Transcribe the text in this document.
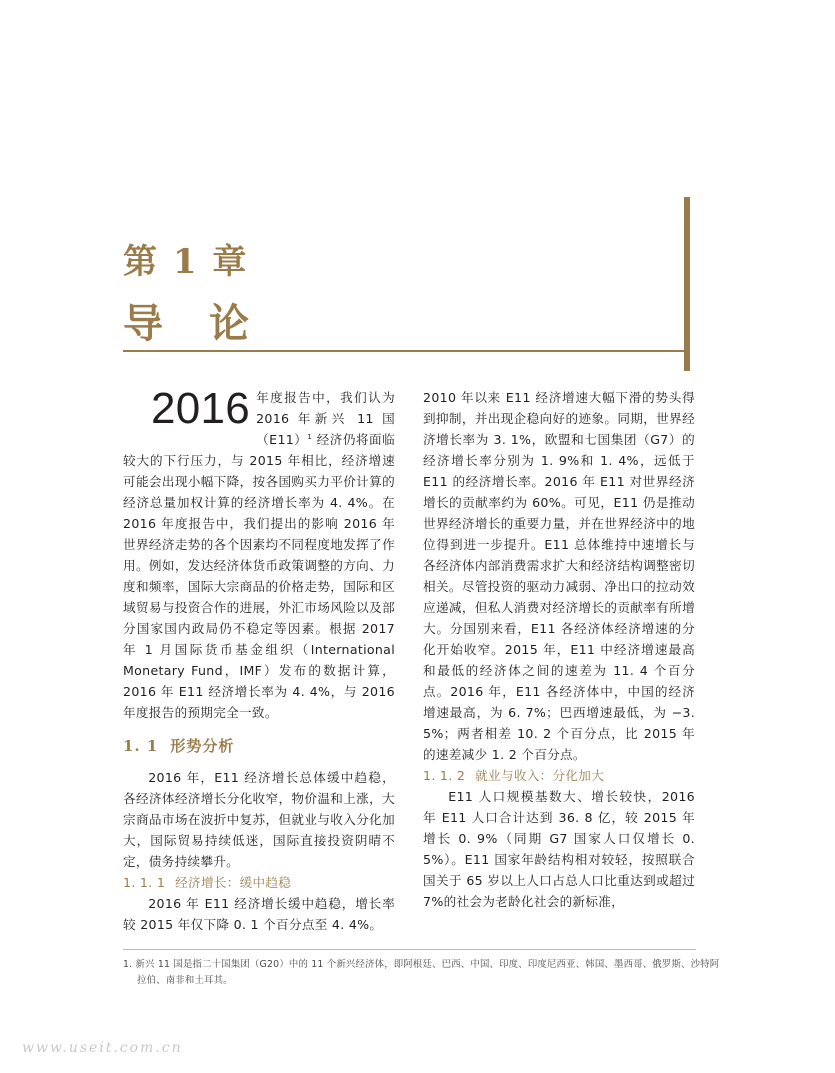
第 1 章
导论
2016 年度报告中，我们认为 2016 年新兴 11 国$(E11)^1$ 经济仍将面临较大的下行压力，与 2015 年相比，经济增速可能会出现小幅下降，按各国购买力平价计算的经济总量加权计算的经济增长率为 4. 4%。在 2016 年度报告中，我们提出的影响 2016 年世界经济走势的各个因素均不同程度地发挥了作用。例如，发达经济体货币政策调整的方向、力度和频率，国际大宗商品的价格走势，国际和区域贸易与投资合作的进展，外汇市场风险以及部分国家国内政局仍不稳定等因素。根据 2017 年 1 月国际货币基金组织（International Monetary Fund，IMF）发布的数据计算，2016 年 E11 经济增长率为 4. 4%，与 2016 年度报告的预期完全一致。

1. 1 形势分析

2016 年，E11 经济增长总体缓中趋稳，各经济体经济增长分化收窄，物价温和上涨，大宗商品市场在波折中复苏，但就业与收入分化加大，国际贸易持续低迷，国际直接投资阴晴不定，债务持续攀升。

1. 1. 1 经济增长：缓中趋稳

2016 年 E11 经济增长缓中趋稳，增长率较 2015 年仅下降 0. 1 个百分点至 4. 4%。

2010 年以来 E11 经济增速大幅下滑的势头得到抑制，并出现企稳向好的迹象。同期，世界经济增长率为 3. 1%，欧盟和七国集团（G7）的经济增长率分别为 1. 9%和 1. 4%，远低于 E11 的经济增长率。2016 年 E11 对世界经济增长的贡献率约为 60%。可见，E11 仍是推动世界经济增长的重要力量，并在世界经济中的地位得到进一步提升。E11 总体维持中速增长与各经济体内部消费需求扩大和经济结构调整密切相关。尽管投资的驱动力减弱、净出口的拉动效应递减，但私人消费对经济增长的贡献率有所增大。分国别来看，E11 各经济体经济增速的分化开始收窄。2015 年，E11 中经济增速最高和最低的经济体之间的速差为 11. 4 个百分点。2016 年，E11 各经济体中，中国的经济增速最高，为 6. 7%；巴西增速最低，为 −3. 5%；两者相差 10. 2 个百分点，比 2015 年的速差减少 1. 2 个百分点。

1. 1. 2 就业与收入：分化加大

E11 人口规模基数大、增长较快，2016 年 E11 人口合计达到 36. 8 亿，较 2015 年增长 0. 9%（同期 G7 国家人口仅增长 0. 5%）。E11 国家年龄结构相对较轻，按照联合国关于 65 岁以上人口占总人口比重达到或超过 7%的社会为老龄化社会的新标准，

1. 新兴 11 国是指二十国集团（G20）中的 11 个新兴经济体，即阿根廷、巴西、中国、印度、印度尼西亚、韩国、墨西哥、俄罗斯、沙特阿拉伯、南非和土耳其。

www.useit.com.cn
